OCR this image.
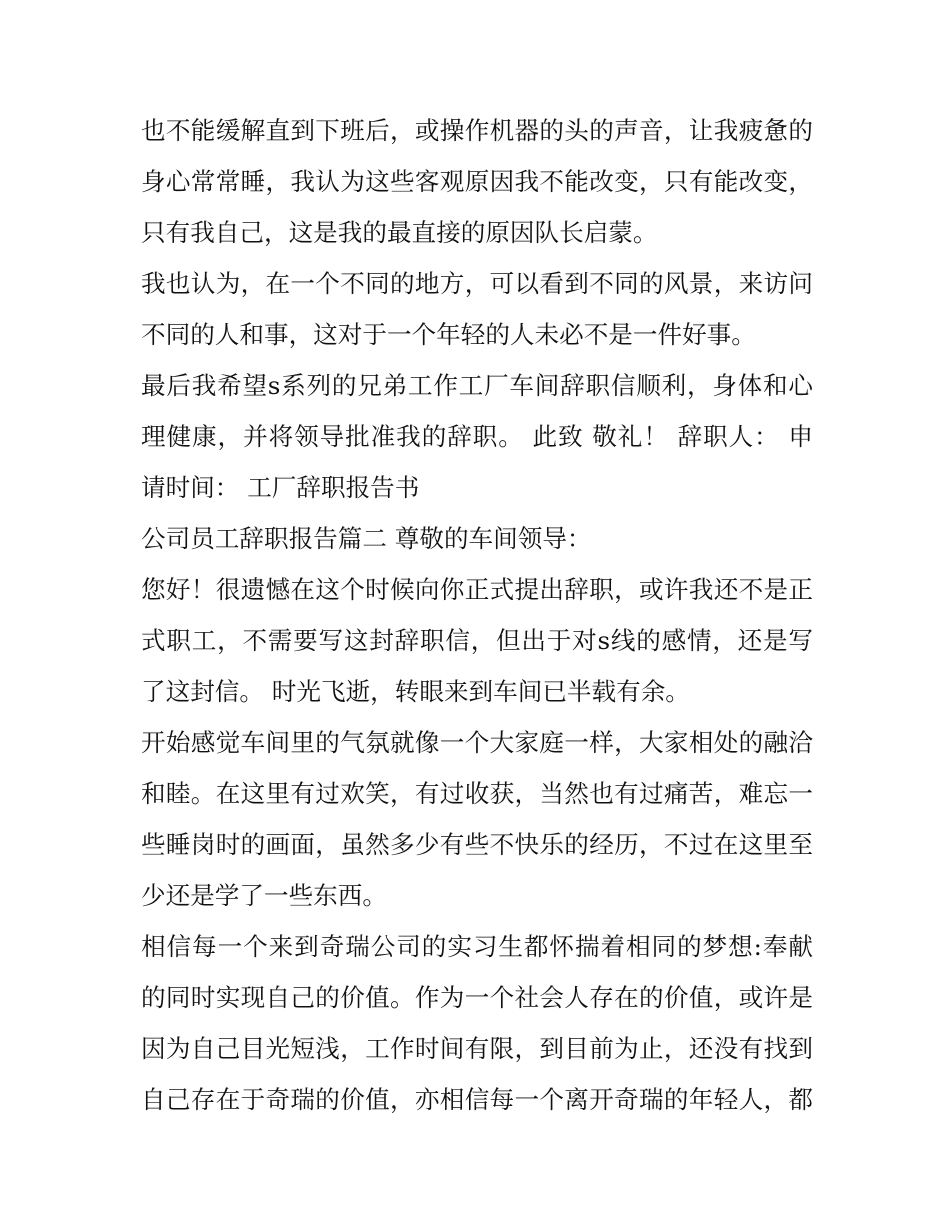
也不能缓解直到下班后，或操作机器的头的声音，让我疲惫的
身心常常睡，我认为这些客观原因我不能改变，只有能改变，
只有我自己，这是我的最直接的原因队长启蒙。
我也认为，在一个不同的地方，可以看到不同的风景，来访问
不同的人和事，这对于一个年轻的人未必不是一件好事。
最后我希望s系列的兄弟工作工厂车间辞职信顺利，身体和心
理健康，并将领导批准我的辞职。 此致 敬礼！ 辞职人： 申
请时间： 工厂辞职报告书
公司员工辞职报告篇二 尊敬的车间领导：
您好！很遗憾在这个时候向你正式提出辞职，或许我还不是正
式职工，不需要写这封辞职信，但出于对s线的感情，还是写
了这封信。 时光飞逝，转眼来到车间已半载有余。
开始感觉车间里的气氛就像一个大家庭一样，大家相处的融洽
和睦。在这里有过欢笑，有过收获，当然也有过痛苦，难忘一
些睡岗时的画面，虽然多少有些不快乐的经历，不过在这里至
少还是学了一些东西。
相信每一个来到奇瑞公司的实习生都怀揣着相同的梦想:奉献
的同时实现自己的价值。作为一个社会人存在的价值，或许是
因为自己目光短浅，工作时间有限，到目前为止，还没有找到
自己存在于奇瑞的价值，亦相信每一个离开奇瑞的年轻人，都
